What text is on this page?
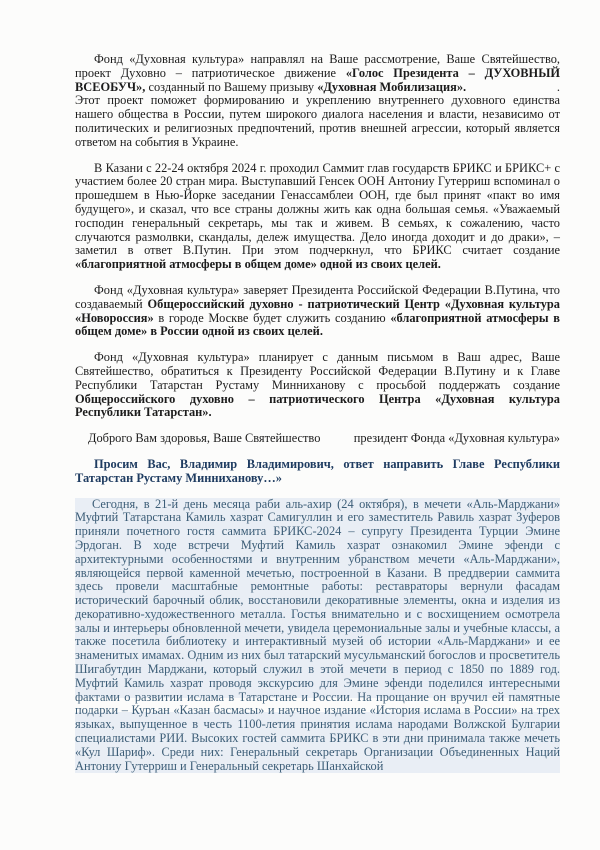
Фонд «Духовная культура» направлял на Ваше рассмотрение, Ваше Святейшество, проект Духовно – патриотическое движение «Голос Президента – ДУХОВНЫЙ ВСЕОБУЧ», созданный по Вашему призыву «Духовная Мобилизация».	.

Этот проект поможет формированию и укреплению внутреннего духовного единства нашего общества в России, путем широкого диалога населения и власти, независимо от политических и религиозных предпочтений, против внешней агрессии, который является ответом на события в Украине.

В Казани с 22-24 октября 2024 г. проходил Саммит глав государств БРИКС и БРИКС+ с участием более 20 стран мира. Выступавший Генсек ООН Антониу Гутерриш вспоминал о прошедшем в Нью-Йорке заседании Генассамблеи ООН, где был принят «пакт во имя будущего», и сказал, что все страны должны жить как одна большая семья. «Уважаемый господин генеральный секретарь, мы так и живем. В семьях, к сожалению, часто случаются размолвки, скандалы, дележ имущества. Дело иногда доходит и до драки», – заметил в ответ В.Путин. При этом подчеркнул, что БРИКС считает создание «благоприятной атмосферы в общем доме» одной из своих целей.

Фонд «Духовная культура» заверяет Президента Российской Федерации В.Путина, что создаваемый Общероссийский духовно - патриотический Центр «Духовная культура «Новороссия» в городе Москве будет служить созданию «благоприятной атмосферы в общем доме» в России одной из своих целей.

Фонд «Духовная культура» планирует с данным письмом в Ваш адрес, Ваше Святейшество, обратиться к Президенту Российской Федерации В.Путину и к Главе Республики Татарстан Рустаму Минниханову с просьбой поддержать создание Общероссийского духовно – патриотического Центра «Духовная культура Республики Татарстан».

Доброго Вам здоровья, Ваше Святейшество	президент Фонда «Духовная культура»

Просим Вас, Владимир Владимирович, ответ направить Главе Республики Татарстан Рустаму Минниханову…»

Сегодня, в 21-й день месяца раби аль-ахир (24 октября), в мечети «Аль-Марджани» Муфтий Татарстана Камиль хазрат Самигуллин и его заместитель Равиль хазрат Зуферов приняли почетного гостя саммита БРИКС-2024 – супругу Президента Турции Эмине Эрдоган. В ходе встречи Муфтий Камиль хазрат ознакомил Эмине эфенди с архитектурными особенностями и внутренним убранством мечети «Аль-Марджани», являющейся первой каменной мечетью, построенной в Казани. В преддверии саммита здесь провели масштабные ремонтные работы: реставраторы вернули фасадам исторический барочный облик, восстановили декоративные элементы, окна и изделия из декоративно-художественного металла. Гостья внимательно и с восхищением осмотрела залы и интерьеры обновленной мечети, увидела церемониальные залы и учебные классы, а также посетила библиотеку и интерактивный музей об истории «Аль-Марджани» и ее знаменитых имамах. Одним из них был татарский мусульманский богослов и просветитель Шигабутдин Марджани, который служил в этой мечети в период с 1850 по 1889 год. Муфтий Камиль хазрат проводя экскурсию для Эмине эфенди поделился интересными фактами о развитии ислама в Татарстане и России. На прощание он вручил ей памятные подарки – Куръан «Казан басмасы» и научное издание «История ислама в России» на трех языках, выпущенное в честь 1100-летия принятия ислама народами Волжской Булгарии специалистами РИИ. Высоких гостей саммита БРИКС в эти дни принимала также мечеть «Кул Шариф». Среди них: Генеральный секретарь Организации Объединенных Наций Антониу Гутерриш и Генеральный секретарь Шанхайской
